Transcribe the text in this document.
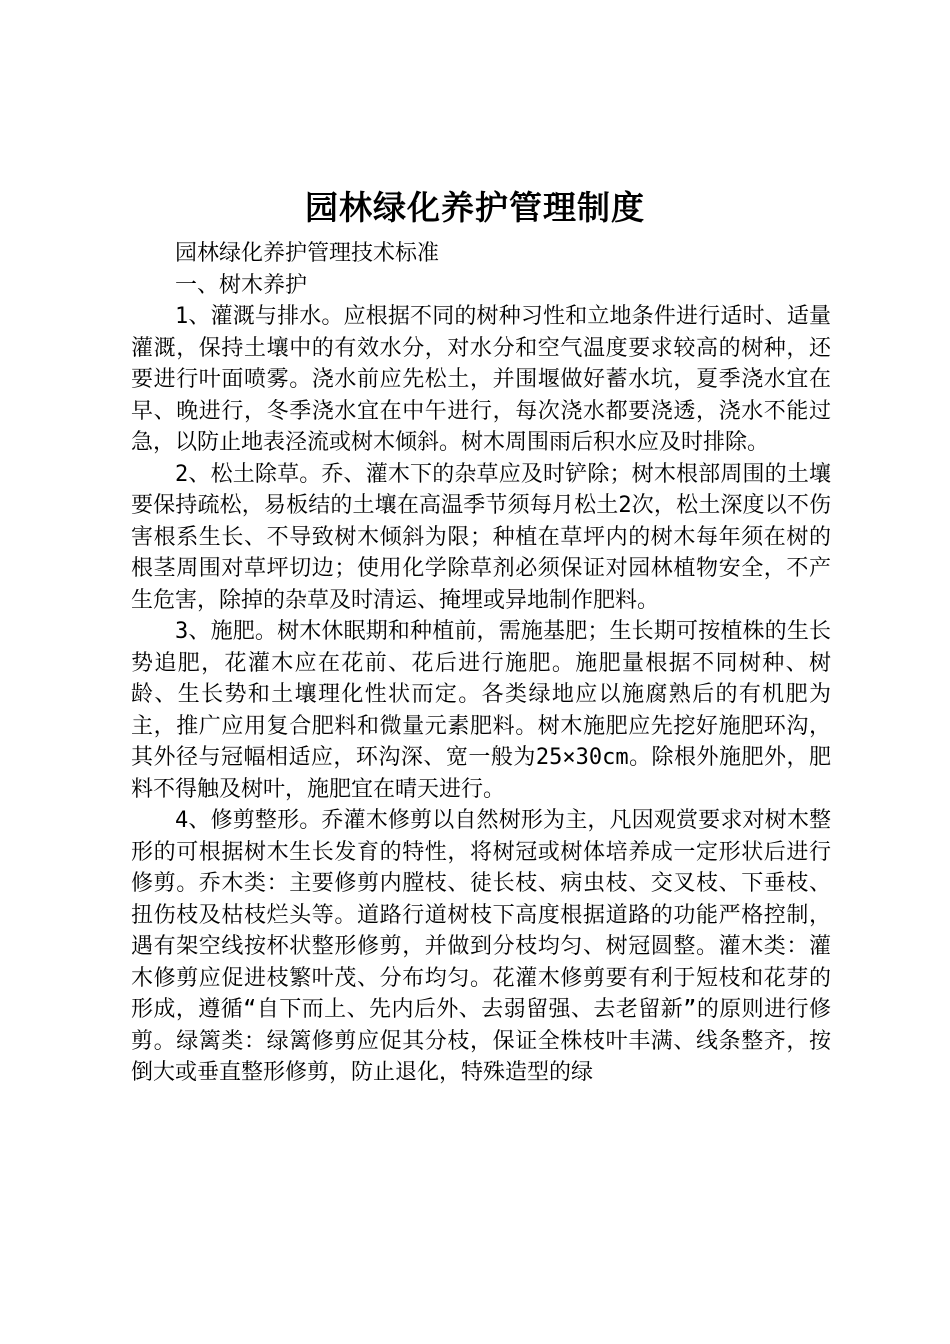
园林绿化养护管理制度

园林绿化养护管理技术标准

一、树木养护

1、灌溉与排水。应根据不同的树种习性和立地条件进行适时、适量灌溉，保持土壤中的有效水分，对水分和空气温度要求较高的树种，还要进行叶面喷雾。浇水前应先松土，并围堰做好蓄水坑，夏季浇水宜在早、晚进行，冬季浇水宜在中午进行，每次浇水都要浇透，浇水不能过急，以防止地表泾流或树木倾斜。树木周围雨后积水应及时排除。

2、松土除草。乔、灌木下的杂草应及时铲除；树木根部周围的土壤要保持疏松，易板结的土壤在高温季节须每月松土2次，松土深度以不伤害根系生长、不导致树木倾斜为限；种植在草坪内的树木每年须在树的根茎周围对草坪切边；使用化学除草剂必须保证对园林植物安全，不产生危害，除掉的杂草及时清运、掩埋或异地制作肥料。

3、施肥。树木休眠期和种植前，需施基肥；生长期可按植株的生长势追肥，花灌木应在花前、花后进行施肥。施肥量根据不同树种、树龄、生长势和土壤理化性状而定。各类绿地应以施腐熟后的有机肥为主，推广应用复合肥料和微量元素肥料。树木施肥应先挖好施肥环沟，其外径与冠幅相适应，环沟深、宽一般为25×30cm。除根外施肥外，肥料不得触及树叶，施肥宜在晴天进行。

4、修剪整形。乔灌木修剪以自然树形为主，凡因观赏要求对树木整形的可根据树木生长发育的特性，将树冠或树体培养成一定形状后进行修剪。乔木类：主要修剪内膛枝、徒长枝、病虫枝、交叉枝、下垂枝、扭伤枝及枯枝烂头等。道路行道树枝下高度根据道路的功能严格控制，遇有架空线按杯状整形修剪，并做到分枝均匀、树冠圆整。灌木类：灌木修剪应促进枝繁叶茂、分布均匀。花灌木修剪要有利于短枝和花芽的形成，遵循“自下而上、先内后外、去弱留强、去老留新”的原则进行修剪。绿篱类：绿篱修剪应促其分枝，保证全株枝叶丰满、线条整齐，按倒大或垂直整形修剪，防止退化，特殊造型的绿
